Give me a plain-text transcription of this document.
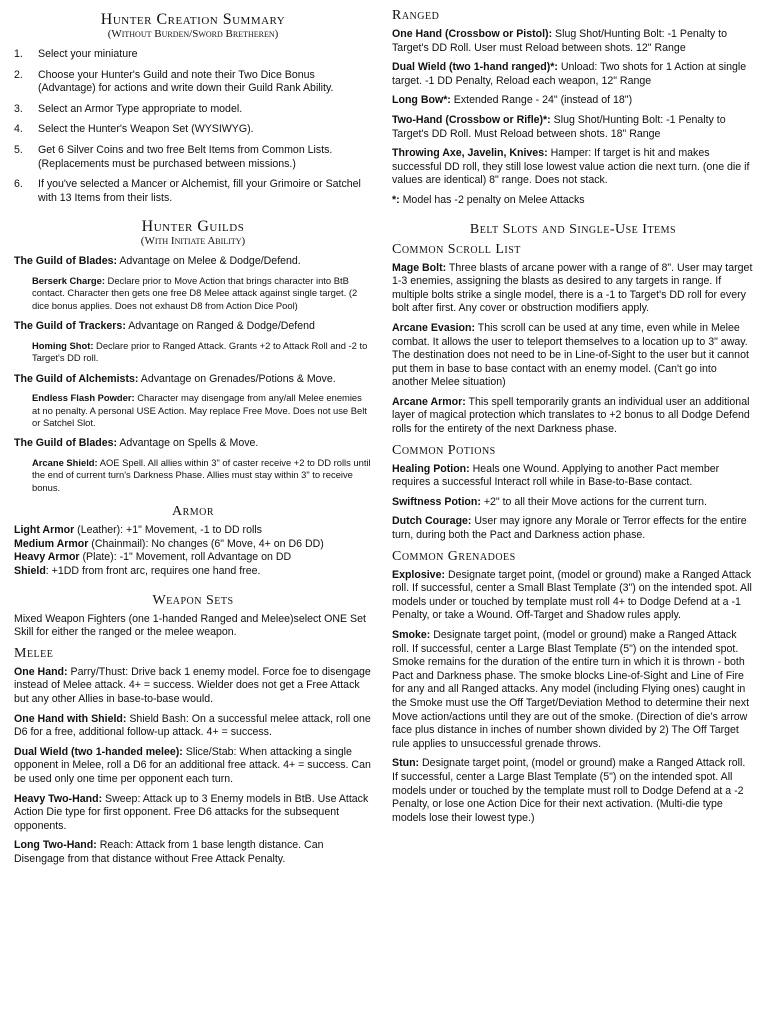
Hunter Creation Summary
(Without Burden/Sword Bretheren)
1. Select your miniature
2. Choose your Hunter's Guild and note their Two Dice Bonus (Advantage) for actions and write down their Guild Rank Ability.
3. Select an Armor Type appropriate to model.
4. Select the Hunter's Weapon Set (WYSIWYG).
5. Get 6 Silver Coins and two free Belt Items from Common Lists. (Replacements must be purchased between missions.)
6. If you've selected a Mancer or Alchemist, fill your Grimoire or Satchel with 13 Items from their lists.
Hunter Guilds
(With Initiate Ability)
The Guild of Blades: Advantage on Melee & Dodge/Defend.
Berserk Charge: Declare prior to Move Action that brings character into BtB contact. Character then gets one free D8 Melee attack against single target. (2 dice bonus applies. Does not exhaust D8 from Action Dice Pool)
The Guild of Trackers: Advantage on Ranged & Dodge/Defend
Homing Shot: Declare prior to Ranged Attack. Grants +2 to Attack Roll and -2 to Target's DD roll.
The Guild of Alchemists: Advantage on Grenades/Potions & Move.
Endless Flash Powder: Character may disengage from any/all Melee enemies at no penalty. A personal USE Action. May replace Free Move. Does not use Belt or Satchel Slot.
The Guild of Blades: Advantage on Spells & Move.
Arcane Shield: AOE Spell. All allies within 3" of caster receive +2 to DD rolls until the end of current turn's Darkness Phase. Allies must stay within 3" to receive bonus.
Armor
Light Armor (Leather): +1" Movement, -1 to DD rolls
Medium Armor (Chainmail): No changes (6" Move, 4+ on D6 DD)
Heavy Armor (Plate): -1" Movement, roll Advantage on DD
Shield: +1DD from front arc, requires one hand free.
Weapon Sets
Mixed Weapon Fighters (one 1-handed Ranged and Melee)select ONE Set Skill for either the ranged or the melee weapon.
Melee
One Hand: Parry/Thust: Drive back 1 enemy model. Force foe to disengage instead of Melee attack. 4+ = success. Wielder does not get a Free Attack but any other Allies in base-to-base would.
One Hand with Shield: Shield Bash: On a successful melee attack, roll one D6 for a free, additional follow-up attack. 4+ = success.
Dual Wield (two 1-handed melee): Slice/Stab: When attacking a single opponent in Melee, roll a D6 for an additional free attack. 4+ = success. Can be used only one time per opponent each turn.
Heavy Two-Hand: Sweep: Attack up to 3 Enemy models in BtB. Use Attack Action Die type for first opponent. Free D6 attacks for the subsequent opponents.
Long Two-Hand: Reach: Attack from 1 base length distance. Can Disengage from that distance without Free Attack Penalty.
Ranged
One Hand (Crossbow or Pistol): Slug Shot/Hunting Bolt: -1 Penalty to Target's DD Roll. User must Reload between shots. 12" Range
Dual Wield (two 1-hand ranged)*: Unload: Two shots for 1 Action at single target. -1 DD Penalty, Reload each weapon, 12" Range
Long Bow*: Extended Range - 24" (instead of 18")
Two-Hand (Crossbow or Rifle)*: Slug Shot/Hunting Bolt: -1 Penalty to Target's DD Roll. Must Reload between shots. 18" Range
Throwing Axe, Javelin, Knives: Hamper: If target is hit and makes successful DD roll, they still lose lowest value action die next turn. (one die if values are identical) 8" range. Does not stack.
*: Model has -2 penalty on Melee Attacks
Belt Slots and Single-Use Items
Common Scroll List
Mage Bolt: Three blasts of arcane power with a range of 8". User may target 1-3 enemies, assigning the blasts as desired to any targets in range. If multiple bolts strike a single model, there is a -1 to Target's DD roll for every bolt after first. Any cover or obstruction modifiers apply.
Arcane Evasion: This scroll can be used at any time, even while in Melee combat. It allows the user to teleport themselves to a location up to 3" away. The destination does not need to be in Line-of-Sight to the user but it cannot put them in base to base contact with an enemy model. (Can't go into another Melee situation)
Arcane Armor: This spell temporarily grants an individual user an additional layer of magical protection which translates to +2 bonus to all Dodge Defend rolls for the entirety of the next Darkness phase.
Common Potions
Healing Potion: Heals one Wound. Applying to another Pact member requires a successful Interact roll while in Base-to-Base contact.
Swiftness Potion: +2" to all their Move actions for the current turn.
Dutch Courage: User may ignore any Morale or Terror effects for the entire turn, during both the Pact and Darkness action phase.
Common Grenadoes
Explosive: Designate target point, (model or ground) make a Ranged Attack roll. If successful, center a Small Blast Template (3") on the intended spot. All models under or touched by template must roll 4+ to Dodge Defend at a -1 Penalty, or take a Wound. Off-Target and Shadow rules apply.
Smoke: Designate target point, (model or ground) make a Ranged Attack roll. If successful, center a Large Blast Template (5") on the intended spot. Smoke remains for the duration of the entire turn in which it is thrown - both Pact and Darkness phase. The smoke blocks Line-of-Sight and Line of Fire for any and all Ranged attacks. Any model (including Flying ones) caught in the Smoke must use the Off Target/Deviation Method to determine their next Move action/actions until they are out of the smoke. (Direction of die's arrow face plus distance in inches of number shown divided by 2) The Off Target rule applies to unsuccessful grenade throws.
Stun: Designate target point, (model or ground) make a Ranged Attack roll. If successful, center a Large Blast Template (5") on the intended spot. All models under or touched by the template must roll to Dodge Defend at a -2 Penalty, or lose one Action Dice for their next activation. (Multi-die type models lose their lowest type.)
